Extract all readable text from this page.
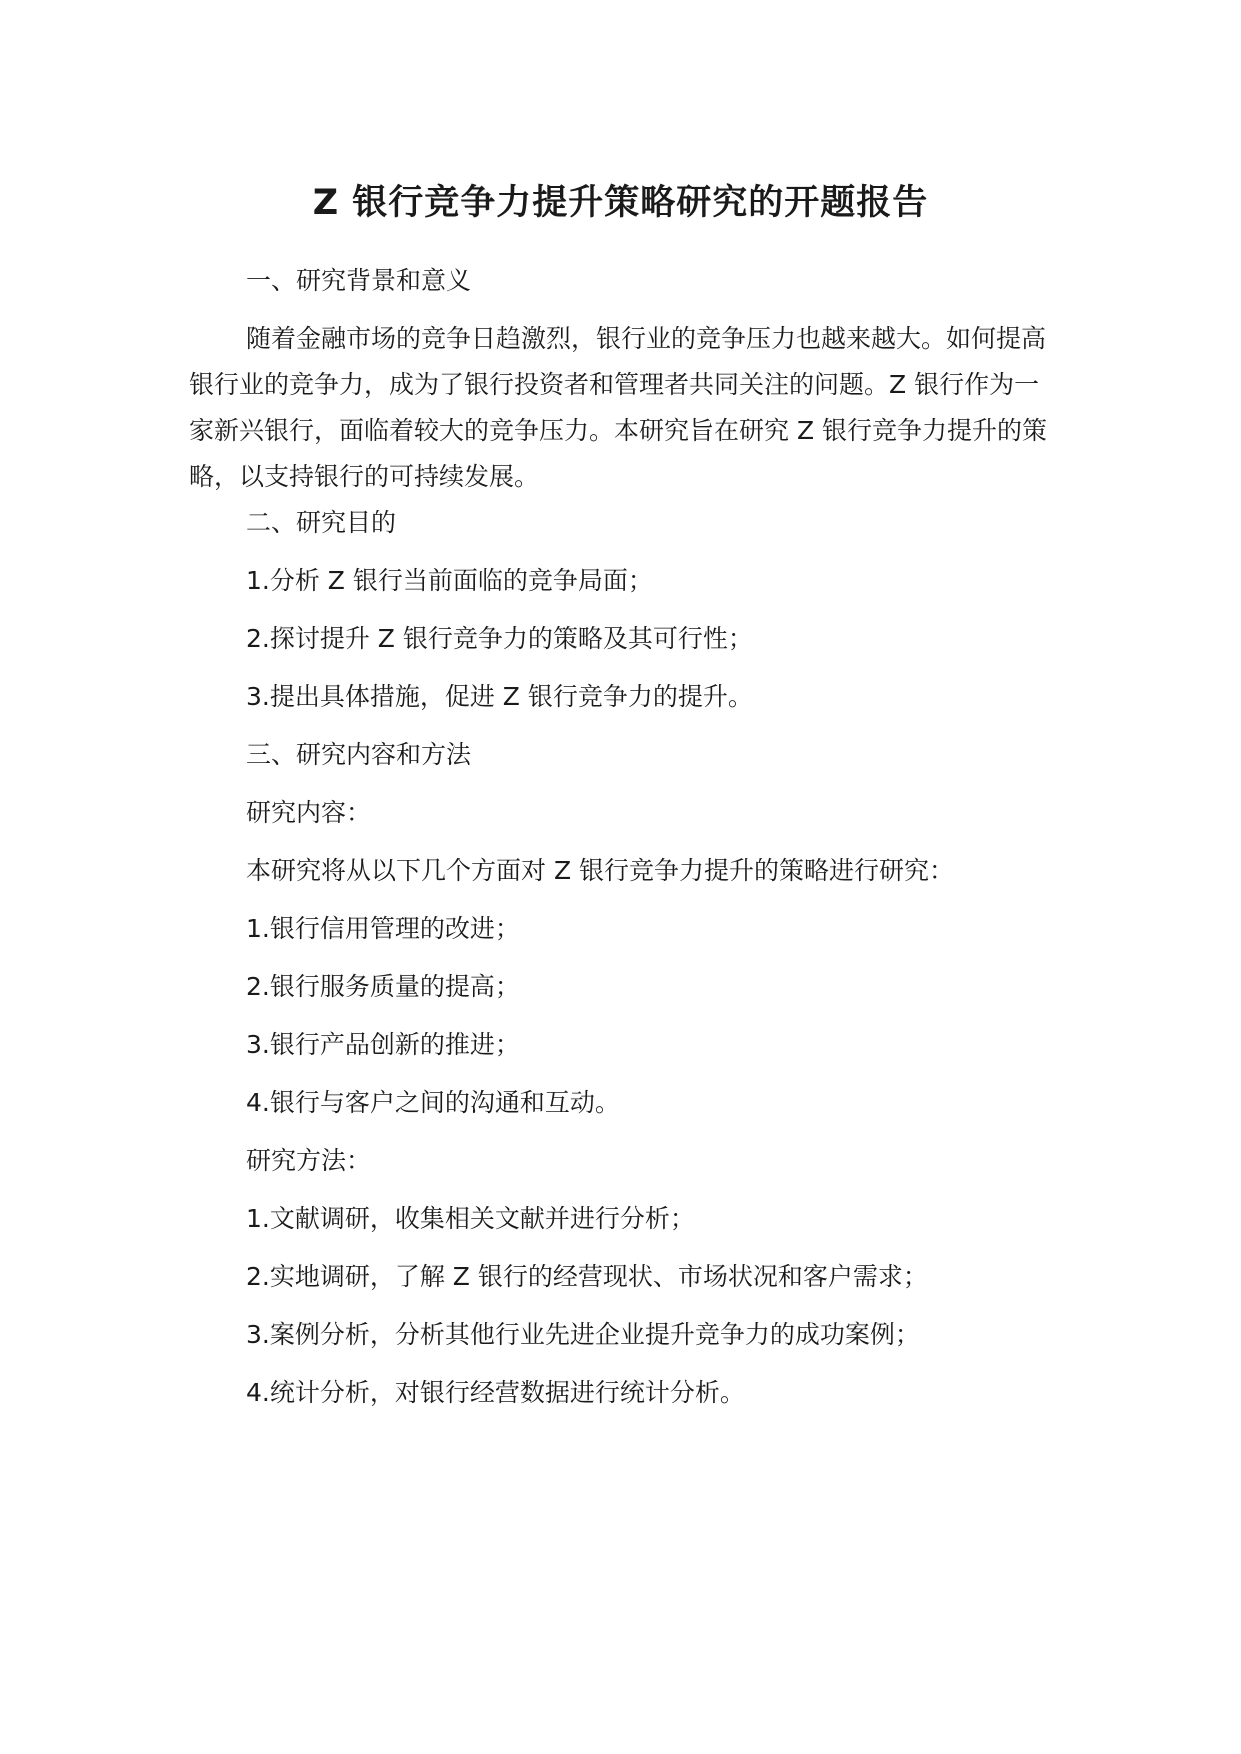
Z 银行竞争力提升策略研究的开题报告

一、研究背景和意义

随着金融市场的竞争日趋激烈，银行业的竞争压力也越来越大。如何提高银行业的竞争力，成为了银行投资者和管理者共同关注的问题。Z 银行作为一家新兴银行，面临着较大的竞争压力。本研究旨在研究 Z 银行竞争力提升的策略，以支持银行的可持续发展。

二、研究目的

1.分析 Z 银行当前面临的竞争局面；

2.探讨提升 Z 银行竞争力的策略及其可行性；

3.提出具体措施，促进 Z 银行竞争力的提升。

三、研究内容和方法

研究内容：

本研究将从以下几个方面对 Z 银行竞争力提升的策略进行研究：

1.银行信用管理的改进；

2.银行服务质量的提高；

3.银行产品创新的推进；

4.银行与客户之间的沟通和互动。

研究方法：

1.文献调研，收集相关文献并进行分析；

2.实地调研，了解 Z 银行的经营现状、市场状况和客户需求；

3.案例分析，分析其他行业先进企业提升竞争力的成功案例；

4.统计分析，对银行经营数据进行统计分析。
